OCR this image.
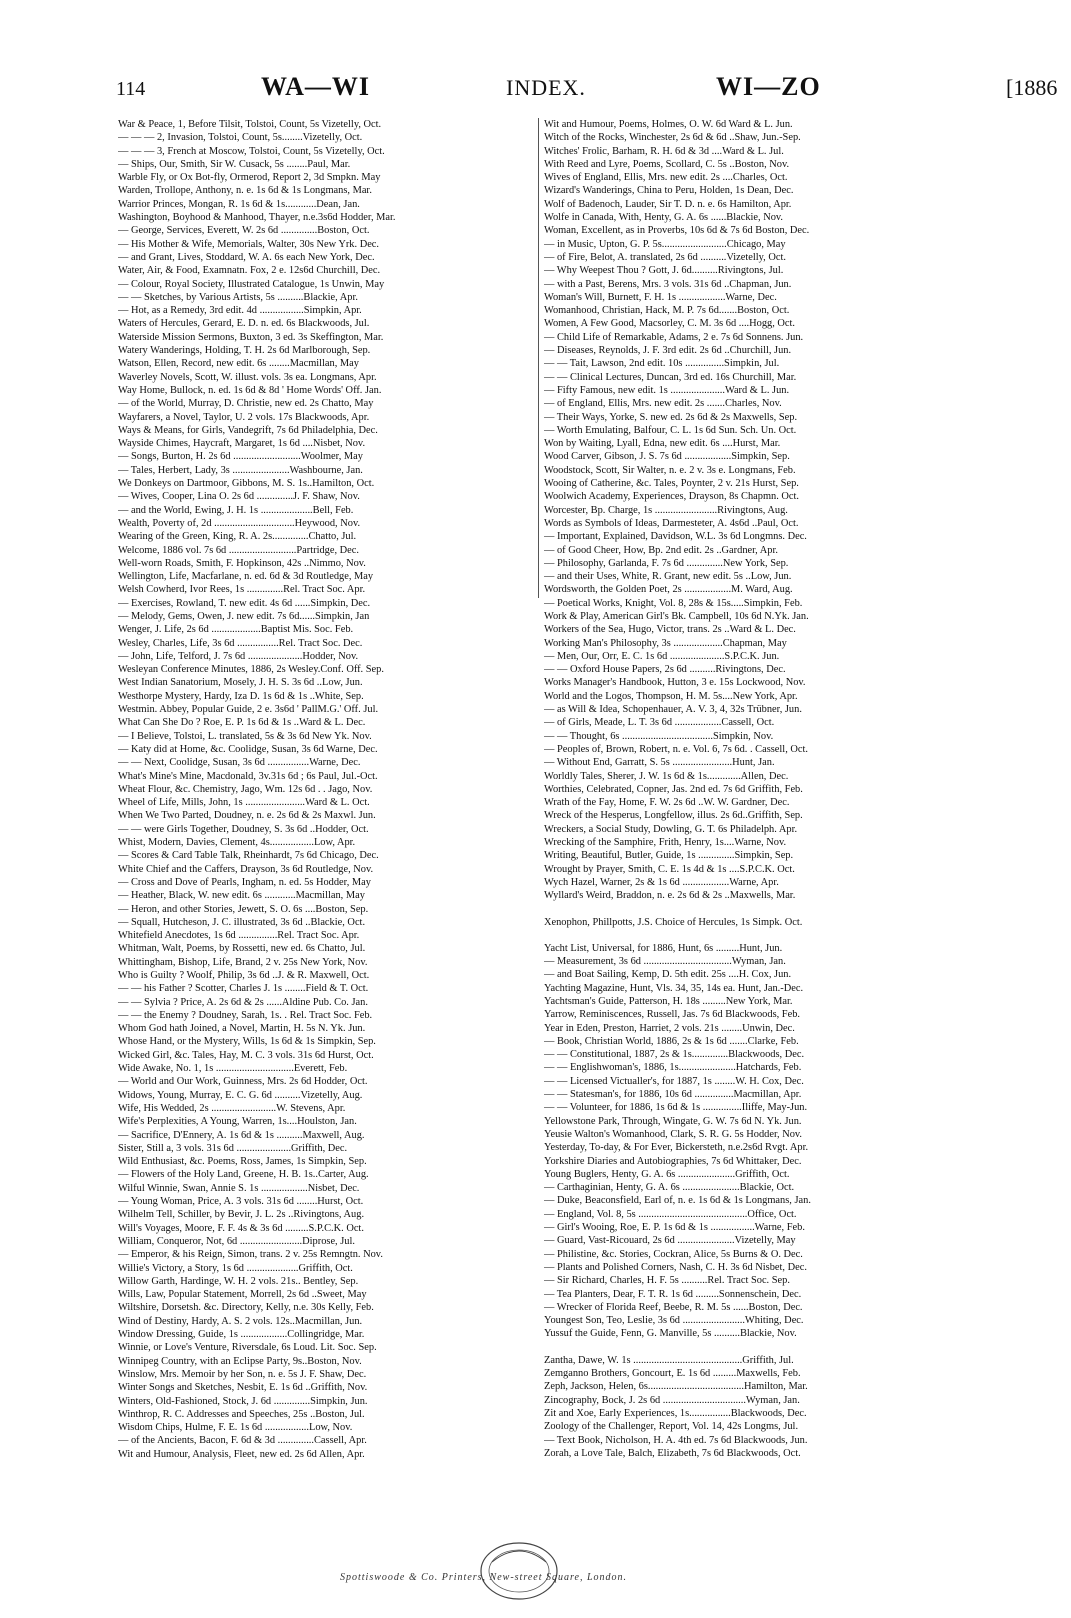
114	WA—WI	INDEX.	WI—ZO	[1886
War & Peace, 1, Before Tilsit, Tolstoi, Count, 5s Vizetelly, Oct.
— — — 2, Invasion, Tolstoi, Count, 5s........Vizetelly, Oct.
— — — 3, French at Moscow, Tolstoi, Count, 5s Vizetelly, Oct.
— Ships, Our, Smith, Sir W. Cusack, 5s ........Paul, Mar.
Warble Fly, or Ox Bot-fly, Ormerod, Report 2, 3d Smpkn. May
Warden, Trollope, Anthony, n. e. 1s 6d & 1s Longmans, Mar.
Warrior Princes, Mongan, R. 1s 6d & 1s............Dean, Jan.
Washington, Boyhood & Manhood, Thayer, n.e.3s6d Hodder, Mar.
— George, Services, Everett, W. 2s 6d ..............Boston, Oct.
— His Mother & Wife, Memorials, Walter, 30s New Yrk. Dec.
— and Grant, Lives, Stoddard, W. A. 6s each New York, Dec.
Water, Air, & Food, Examnatn. Fox, 2 e. 12s6d Churchill, Dec.
— Colour, Royal Society, Illustrated Catalogue, 1s Unwin, May
— — Sketches, by Various Artists, 5s ..........Blackie, Apr.
— Hot, as a Remedy, 3rd edit. 4d .................Simpkin, Apr.
Waters of Hercules, Gerard, E. D. n. ed. 6s Blackwoods, Jul.
Waterside Mission Sermons, Buxton, 3 ed. 3s Skeffington, Mar.
Watery Wanderings, Holding, T. H. 2s 6d Marlborough, Sep.
Watson, Ellen, Record, new edit. 6s ........Macmillan, May
Waverley Novels, Scott, W. illust. vols. 3s ea. Longmans, Apr.
Way Home, Bullock, n. ed. 1s 6d & 8d ' Home Words' Off. Jan.
— of the World, Murray, D. Christie, new ed. 2s Chatto, May
Wayfarers, a Novel, Taylor, U. 2 vols. 17s Blackwoods, Apr.
Ways & Means, for Girls, Vandegrift, 7s 6d Philadelphia, Dec.
Wayside Chimes, Haycraft, Margaret, 1s 6d ....Nisbet, Nov.
— Songs, Burton, H. 2s 6d ..........................Woolmer, May
— Tales, Herbert, Lady, 3s ......................Washbourne, Jan.
We Donkeys on Dartmoor, Gibbons, M. S. 1s..Hamilton, Oct.
— Wives, Cooper, Lina O. 2s 6d ..............J. F. Shaw, Nov.
— and the World, Ewing, J. H. 1s ....................Bell, Feb.
Wealth, Poverty of, 2d ...............................Heywood, Nov.
Wearing of the Green, King, R. A. 2s..............Chatto, Jul.
Welcome, 1886 vol. 7s 6d ..........................Partridge, Dec.
Well-worn Roads, Smith, F. Hopkinson, 42s ..Nimmo, Nov.
Wellington, Life, Macfarlane, n. ed. 6d & 3d Routledge, May
Welsh Cowherd, Ivor Rees, 1s ..............Rel. Tract Soc. Apr.
— Exercises, Rowland, T. new edit. 4s 6d ......Simpkin, Dec.
— Melody, Gems, Owen, J. new edit. 7s 6d......Simpkin, Jan
Wenger, J. Life, 2s 6d ...................Baptist Mis. Soc. Feb.
Wesley, Charles, Life, 3s 6d ................Rel. Tract Soc. Dec.
— John, Life, Telford, J. 7s 6d .....................Hodder, Nov.
Wesleyan Conference Minutes, 1886, 2s Wesley.Conf. Off. Sep.
West Indian Sanatorium, Mosely, J. H. S. 3s 6d ..Low, Jun.
Westhorpe Mystery, Hardy, Iza D. 1s 6d & 1s ..White, Sep.
Westmin. Abbey, Popular Guide, 2 e. 3s6d ' PallM.G.' Off. Jul.
What Can She Do ? Roe, E. P. 1s 6d & 1s ..Ward & L. Dec.
— I Believe, Tolstoi, L. translated, 5s & 3s 6d New Yk. Nov.
— Katy did at Home, &c. Coolidge, Susan, 3s 6d Warne, Dec.
— — Next, Coolidge, Susan, 3s 6d ................Warne, Dec.
What's Mine's Mine, Macdonald, 3v.31s 6d ; 6s Paul, Jul.-Oct.
Wheat Flour, &c. Chemistry, Jago, Wm. 12s 6d . . Jago, Nov.
Wheel of Life, Mills, John, 1s .......................Ward & L. Oct.
When We Two Parted, Doudney, n. e. 2s 6d & 2s Maxwl. Jun.
— — were Girls Together, Doudney, S. 3s 6d ..Hodder, Oct.
Whist, Modern, Davies, Clement, 4s.................Low, Apr.
— Scores & Card Table Talk, Rheinhardt, 7s 6d Chicago, Dec.
White Chief and the Caffers, Drayson, 3s 6d Routledge, Nov.
— Cross and Dove of Pearls, Ingham, n. ed. 5s Hodder, May
— Heather, Black, W. new edit. 6s ............Macmillan, May
— Heron, and other Stories, Jewett, S. O. 6s ....Boston, Sep.
— Squall, Hutcheson, J. C. illustrated, 3s 6d ..Blackie, Oct.
Whitefield Anecdotes, 1s 6d ...............Rel. Tract Soc. Apr.
Whitman, Walt, Poems, by Rossetti, new ed. 6s Chatto, Jul.
Whittingham, Bishop, Life, Brand, 2 v. 25s New York, Nov.
Who is Guilty ? Woolf, Philip, 3s 6d ..J. & R. Maxwell, Oct.
— — his Father ? Scotter, Charles J. 1s ........Field & T. Oct.
— — Sylvia ? Price, A. 2s 6d & 2s ......Aldine Pub. Co. Jan.
— — the Enemy ? Doudney, Sarah, 1s. . Rel. Tract Soc. Feb.
Whom God hath Joined, a Novel, Martin, H. 5s N. Yk. Jun.
Whose Hand, or the Mystery, Wills, 1s 6d & 1s Simpkin, Sep.
Wicked Girl, &c. Tales, Hay, M. C. 3 vols. 31s 6d Hurst, Oct.
Wide Awake, No. 1, 1s ..............................Everett, Feb.
— World and Our Work, Guinness, Mrs. 2s 6d Hodder, Oct.
Widows, Young, Murray, E. C. G. 6d ..........Vizetelly, Aug.
Wife, His Wedded, 2s .........................W. Stevens, Apr.
Wife's Perplexities, A Young, Warren, 1s....Houlston, Jan.
— Sacrifice, D'Ennery, A. 1s 6d & 1s ..........Maxwell, Aug.
Sister, Still a, 3 vols. 31s 6d .....................Griffith, Dec.
Wild Enthusiast, &c. Poems, Ross, James, 1s Simpkin, Sep.
— Flowers of the Holy Land, Greene, H. B. 1s..Carter, Aug.
Wilful Winnie, Swan, Annie S. 1s ..................Nisbet, Dec.
— Young Woman, Price, A. 3 vols. 31s 6d ........Hurst, Oct.
Wilhelm Tell, Schiller, by Bevir, J. L. 2s ..Rivingtons, Aug.
Will's Voyages, Moore, F. F. 4s & 3s 6d .........S.P.C.K. Oct.
William, Conqueror, Not, 6d ........................Diprose, Jul.
— Emperor, & his Reign, Simon, trans. 2 v. 25s Remngtn. Nov.
Willie's Victory, a Story, 1s 6d ....................Griffith, Oct.
Willow Garth, Hardinge, W. H. 2 vols. 21s.. Bentley, Sep.
Wills, Law, Popular Statement, Morrell, 2s 6d ..Sweet, May
Wiltshire, Dorsetsh. &c. Directory, Kelly, n.e. 30s Kelly, Feb.
Wind of Destiny, Hardy, A. S. 2 vols. 12s..Macmillan, Jun.
Window Dressing, Guide, 1s ..................Collingridge, Mar.
Winnie, or Love's Venture, Riversdale, 6s Loud. Lit. Soc. Sep.
Winnipeg Country, with an Eclipse Party, 9s..Boston, Nov.
Winslow, Mrs. Memoir by her Son, n. e. 5s J. F. Shaw, Dec.
Winter Songs and Sketches, Nesbit, E. 1s 6d ..Griffith, Nov.
Winters, Old-Fashioned, Stock, J. 6d ..............Simpkin, Jun.
Winthrop, R. C. Addresses and Speeches, 25s ..Boston, Jul.
Wisdom Chips, Hulme, F. E. 1s 6d .................Low, Nov.
— of the Ancients, Bacon, F. 6d & 3d ..............Cassell, Apr.
Wit and Humour, Analysis, Fleet, new ed. 2s 6d Allen, Apr.
Wit and Humour, Poems, Holmes, O. W. 6d Ward & L. Jun.
Witch of the Rocks, Winchester, 2s 6d & 6d ..Shaw, Jun.-Sep.
Witches' Frolic, Barham, R. H. 6d & 3d ....Ward & L. Jul.
With Reed and Lyre, Poems, Scollard, C. 5s ..Boston, Nov.
Wives of England, Ellis, Mrs. new edit. 2s ....Charles, Oct.
Wizard's Wanderings, China to Peru, Holden, 1s Dean, Dec.
Wolf of Badenoch, Lauder, Sir T. D. n. e. 6s Hamilton, Apr.
Wolfe in Canada, With, Henty, G. A. 6s ......Blackie, Nov.
Woman, Excellent, as in Proverbs, 10s 6d & 7s 6d Boston, Dec.
— in Music, Upton, G. P. 5s.........................Chicago, May
— of Fire, Belot, A. translated, 2s 6d ..........Vizetelly, Oct.
— Why Weepest Thou ? Gott, J. 6d..........Rivingtons, Jul.
— with a Past, Berens, Mrs. 3 vols. 31s 6d ..Chapman, Jun.
Woman's Will, Burnett, F. H. 1s ..................Warne, Dec.
Womanhood, Christian, Hack, M. P. 7s 6d.......Boston, Oct.
Women, A Few Good, Macsorley, C. M. 3s 6d ....Hogg, Oct.
— Child Life of Remarkable, Adams, 2 e. 7s 6d Sonnens. Jun.
— Diseases, Reynolds, J. F. 3rd edit. 2s 6d ..Churchill, Jun.
— — Tait, Lawson, 2nd edit. 10s ...............Simpkin, Jul.
— — Clinical Lectures, Duncan, 3rd ed. 16s Churchill, Mar.
— Fifty Famous, new edit. 1s .....................Ward & L. Jun.
— of England, Ellis, Mrs. new edit. 2s .......Charles, Nov.
— Their Ways, Yorke, S. new ed. 2s 6d & 2s Maxwells, Sep.
— Worth Emulating, Balfour, C. L. 1s 6d Sun. Sch. Un. Oct.
Won by Waiting, Lyall, Edna, new edit. 6s ....Hurst, Mar.
Wood Carver, Gibson, J. S. 7s 6d ..................Simpkin, Sep.
Woodstock, Scott, Sir Walter, n. e. 2 v. 3s e. Longmans, Feb.
Wooing of Catherine, &c. Tales, Poynter, 2 v. 21s Hurst, Sep.
Woolwich Academy, Experiences, Drayson, 8s Chapmn. Oct.
Worcester, Bp. Charge, 1s ........................Rivingtons, Aug.
Words as Symbols of Ideas, Darmesteter, A. 4s6d ..Paul, Oct.
— Important, Explained, Davidson, W.L. 3s 6d Longmns. Dec.
— of Good Cheer, How, Bp. 2nd edit. 2s ..Gardner, Apr.
— Philosophy, Garlanda, F. 7s 6d ..............New York, Sep.
— and their Uses, White, R. Grant, new edit. 5s ..Low, Jun.
Wordsworth, the Golden Poet, 2s ..................M. Ward, Aug.
— Poetical Works, Knight, Vol. 8, 28s & 15s.....Simpkin, Feb.
Work & Play, American Girl's Bk. Campbell, 10s 6d N.Yk. Jan.
Workers of the Sea, Hugo, Victor, trans. 2s ..Ward & L. Dec.
Working Man's Philosophy, 3s ...................Chapman, May
— Men, Our, Orr, E. C. 1s 6d .....................S.P.C.K. Jun.
— — Oxford House Papers, 2s 6d ..........Rivingtons, Dec.
Works Manager's Handbook, Hutton, 3 e. 15s Lockwood, Nov.
World and the Logos, Thompson, H. M. 5s....New York, Apr.
— as Will & Idea, Schopenhauer, A. V. 3, 4, 32s Trübner, Jun.
— of Girls, Meade, L. T. 3s 6d ..................Cassell, Oct.
— — Thought, 6s ...................................Simpkin, Nov.
— Peoples of, Brown, Robert, n. e. Vol. 6, 7s 6d. . Cassell, Oct.
— Without End, Garratt, S. 5s .......................Hunt, Jan.
Worldly Tales, Sherer, J. W. 1s 6d & 1s.............Allen, Dec.
Worthies, Celebrated, Copner, Jas. 2nd ed. 7s 6d Griffith, Feb.
Wrath of the Fay, Home, F. W. 2s 6d ..W. W. Gardner, Dec.
Wreck of the Hesperus, Longfellow, illus. 2s 6d..Griffith, Sep.
Wreckers, a Social Study, Dowling, G. T. 6s Philadelph. Apr.
Wrecking of the Samphire, Frith, Henry, 1s....Warne, Nov.
Writing, Beautiful, Butler, Guide, 1s ..............Simpkin, Sep.
Wrought by Prayer, Smith, C. E. 1s 4d & 1s ....S.P.C.K. Oct.
Wych Hazel, Warner, 2s & 1s 6d ..................Warne, Apr.
Wyllard's Weird, Braddon, n. e. 2s 6d & 2s ..Maxwells, Mar.
Xenophon, Phillpotts, J.S. Choice of Hercules, 1s Simpk. Oct.
Yacht List, Universal, for 1886, Hunt, 6s .........Hunt, Jun.
— Measurement, 3s 6d ..................................Wyman, Jan.
— and Boat Sailing, Kemp, D. 5th edit. 25s ....H. Cox, Jun.
Yachting Magazine, Hunt, Vls. 34, 35, 14s ea. Hunt, Jan.-Dec.
Yachtsman's Guide, Patterson, H. 18s .........New York, Mar.
Yarrow, Reminiscences, Russell, Jas. 7s 6d Blackwoods, Feb.
Year in Eden, Preston, Harriet, 2 vols. 21s ........Unwin, Dec.
— Book, Christian World, 1886, 2s & 1s 6d .......Clarke, Feb.
— — Constitutional, 1887, 2s & 1s..............Blackwoods, Dec.
— — Englishwoman's, 1886, 1s......................Hatchards, Feb.
— — Licensed Victualler's, for 1887, 1s ........W. H. Cox, Dec.
— — Statesman's, for 1886, 10s 6d ...............Macmillan, Apr.
— — Volunteer, for 1886, 1s 6d & 1s ...............Iliffe, May-Jun.
Yellowstone Park, Through, Wingate, G. W. 7s 6d N. Yk. Jun.
Yeusie Walton's Womanhood, Clark, S. R. G. 5s Hodder, Nov.
Yesterday, To-day, & For Ever, Bickersteth, n.e.2s6d Rvgt. Apr.
Yorkshire Diaries and Autobiographies, 7s 6d Whittaker, Dec.
Young Buglers, Henty, G. A. 6s ......................Griffith, Oct.
— Carthaginian, Henty, G. A. 6s ......................Blackie, Oct.
— Duke, Beaconsfield, Earl of, n. e. 1s 6d & 1s Longmans, Jan.
— England, Vol. 8, 5s ..........................................Office, Oct.
— Girl's Wooing, Roe, E. P. 1s 6d & 1s .................Warne, Feb.
— Guard, Vast-Ricouard, 2s 6d ......................Vizetelly, May
— Philistine, &c. Stories, Cockran, Alice, 5s Burns & O. Dec.
— Plants and Polished Corners, Nash, C. H. 3s 6d Nisbet, Dec.
— Sir Richard, Charles, H. F. 5s ..........Rel. Tract Soc. Sep.
— Tea Planters, Dear, F. T. R. 1s 6d .........Sonnenschein, Dec.
— Wrecker of Florida Reef, Beebe, R. M. 5s ......Boston, Dec.
Youngest Son, Teo, Leslie, 3s 6d ........................Whiting, Dec.
Yussuf the Guide, Fenn, G. Manville, 5s ..........Blackie, Nov.
Zantha, Dawe, W. 1s ..........................................Griffith, Jul.
Zemganno Brothers, Goncourt, E. 1s 6d .........Maxwells, Feb.
Zeph, Jackson, Helen, 6s.....................................Hamilton, Mar.
Zincography, Bock, J. 2s 6d ................................Wyman, Jan.
Zit and Xoe, Early Experiences, 1s................Blackwoods, Dec.
Zoology of the Challenger, Report, Vol. 14, 42s Longms, Jul.
— Text Book, Nicholson, H. A. 4th ed. 7s 6d Blackwoods, Jun.
Zorah, a Love Tale, Balch, Elizabeth, 7s 6d Blackwoods, Oct.
Spottiswoode & Co. Printers, New-street Square, London.
